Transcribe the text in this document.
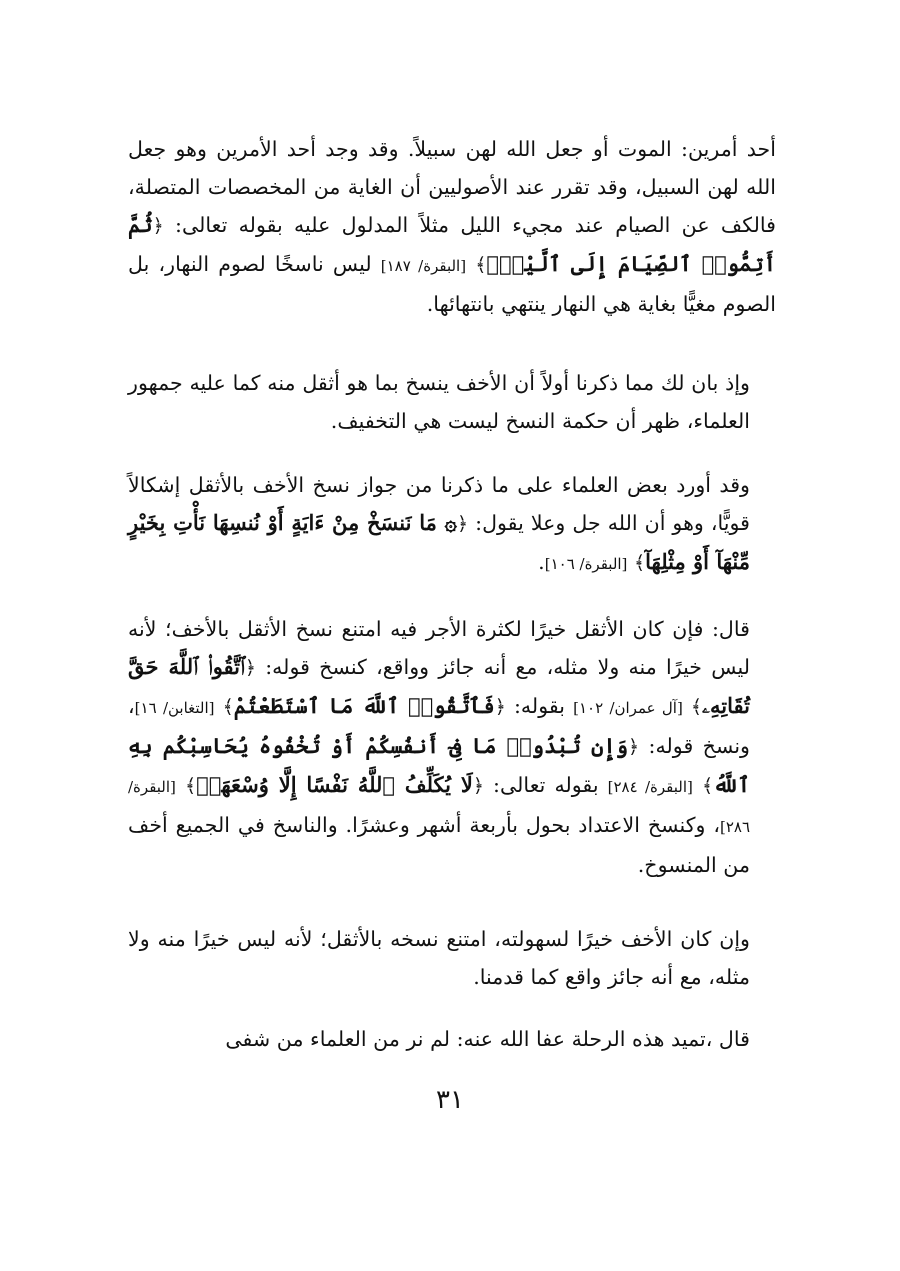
أحد أمرين: الموت أو جعل الله لهن سبيلاً. وقد وجد أحد الأمرين وهو جعل الله لهن السبيل، وقد تقرر عند الأصوليين أن الغاية من المخصصات المتصلة، فالكف عن الصيام عند مجيء الليل مثلاً المدلول عليه بقوله تعالى: ﴿ثُمَّ أَتِمُّوا۟ ٱلصِّيَامَ إِلَى ٱلَّيْلِۚ﴾ [البقرة/ ١٨٧] ليس ناسخًا لصوم النهار، بل الصوم مغيًّا بغاية هي النهار ينتهي بانتهائها.

وإذ بان لك مما ذكرنا أولاً أن الأخف ينسخ بما هو أثقل منه كما عليه جمهور العلماء، ظهر أن حكمة النسخ ليست هي التخفيف.

وقد أورد بعض العلماء على ما ذكرنا من جواز نسخ الأخف بالأثقل إشكالاً قويًّا، وهو أن الله جل وعلا يقول: ﴿۞ مَا نَنسَخْ مِنْ ءَايَةٍ أَوْ نُنسِهَا نَأْتِ بِخَيْرٍ مِّنْهَآ أَوْ مِثْلِهَآ﴾ [البقرة/ ١٠٦].

قال: فإن كان الأثقل خيرًا لكثرة الأجر فيه امتنع نسخ الأثقل بالأخف؛ لأنه ليس خيرًا منه ولا مثله، مع أنه جائز وواقع، كنسخ قوله: ﴿ٱتَّقُوا۟ ٱللَّهَ حَقَّ تُقَاتِهِۦ﴾ [آل عمران/ ١٠٢] بقوله: ﴿فَٱتَّقُوا۟ ٱللَّهَ مَا ٱسْتَطَعْتُمْ﴾ [التغابن/ ١٦]، ونسخ قوله: ﴿وَإِن تُبْدُوا۟ مَا فِىٓ أَنفُسِكُمْ أَوْ تُخْفُوهُ يُحَاسِبْكُم بِهِ ٱللَّهُ﴾ [البقرة/ ٢٨٤] بقوله تعالى: ﴿لَا يُكَلِّفُ ٱللَّهُ نَفْسًا إِلَّا وُسْعَهَاۚ﴾ [البقرة/ ٢٨٦]، وكنسخ الاعتداد بحول بأربعة أشهر وعشرًا. والناسخ في الجميع أخف من المنسوخ.

وإن كان الأخف خيرًا لسهولته، امتنع نسخه بالأثقل؛ لأنه ليس خيرًا منه ولا مثله، مع أنه جائز واقع كما قدمنا.

قال ،تميد هذه الرحلة عفا الله عنه: لم نر من العلماء من شفى

٣١
